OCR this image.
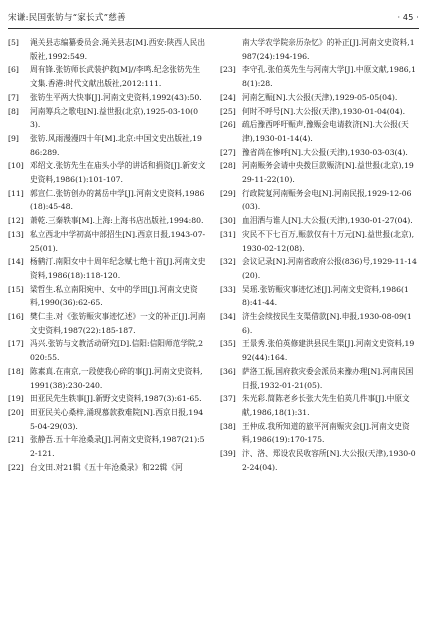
宋谦:民国张钫与“家长式”慈善	· 45 ·
[5]	渑关县志编纂委员会.渑关县志[M].西安:陕西人民出版社,1992:549.
[6]	周有锋.张钫师长武装护救[M]//李鸣.纪念张钫先生文集.香港:时代文献出版社,2012:111.
[7]	张钫生平两大快事[J].河南文史资料,1992(43):50.
[8]	河南筹兵之歌电[N].益世报(北京),1925-03-10(03).
[9]	张钫.风雨漫漫四十年[M].北京:中国文史出版社,1986:289.
[10] 邓绍文.张钫先生在庙头小学的讲话和捐资[J].新安文史资料,1986(1):101-107.
[11] 郭宣仁.张钫创办的蒿岳中学[J].河南文史资料,1986(18):45-48.
[12] 萧乾.三秦轶事[M].上海:上海书店出版社,1994:80.
[13] 私立西北中学初高中部招生[N].西京日报,1943-07-25(01).
[14] 杨鹤汀.南阳女中十周年纪念赋七绝十首[J].河南文史资料,1986(18):118-120.
[15] 梁哲生.私立南阳宛中、女中的学田[J].河南文史资料,1990(36):62-65.
[16] 樊仁圭.对《张钫赈灾事迹忆述》一文的补正[J].河南文史资料,1987(22):185-187.
[17] 冯兴.张钫与文教活动研究[D].信阳:信阳师范学院,2020:55.
[18] 陈素真.在南京,一段使我心碎的事[J].河南文史资料,1991(38):230-240.
[19] 田亚民先生轶事[J].新野文史资料,1987(3):61-65.
[20] 田亚民关心桑梓,涌现慕款救难院[N].西京日报,1945-04-29(03).
[21] 张静吾.五十年沧桑录[J].河南文史资料,1987(21):52-121.
[22] 台文田.对21辑《五十年沧桑录》和22辑《河
南大学农学院亲历杂忆》的补正[J].河南文史资料,1987(24):194-196.
[23] 李守孔.张伯英先生与河南大学[J].中原文献,1986,18(1):28.
[24] 河南乞赈[N].大公报(天津),1929-05-05(04).
[25] 何时不呼号[N].大公报(天津),1930-01-04(04).
[26] 疏后豫西呼吁赈声,豫赈会电请救济[N].大公报(天津),1930-01-14(4).
[27] 豫省尚在惨呼[N].大公报(天津),1930-03-03(4).
[28] 河南赈务会请中央拨巨款赈济[N].益世报(北京),1929-11-22(10).
[29] 行政院复河南赈务会电[N].河南民报,1929-12-06(03).
[30] 血泪洒与谁人[N].大公报(天津),1930-01-27(04).
[31] 灾民不下七百万,赈款仅有十万元[N].益世报(北京),1930-02-12(08).
[32] 会议记录[N].河南省政府公报(836)号,1929-11-14(20).
[33] 吴瑶.张钫赈灾事迹忆述[J].河南文史资料,1986(18):41-44.
[34] 济生会续按民生支渠借款[N].申报,1930-08-09(16).
[35] 王景秀.张伯英修建洪县民生渠[J].河南文史资料,1992(44):164.
[36] 萨洛工振,国府救灾委会派员来豫办理[N].河南民国日报,1932-01-21(05).
[37] 朱光彩.简陈老乡长张大先生伯英几件事[J].中原文献,1986,18(1):31.
[38] 王仲成.我所知道的旅平河南赈灾会[J].河南文史资料,1986(19):170-175.
[39] 汴、洛、郑设农民收容所[N].大公报(天津),1930-02-24(04).
